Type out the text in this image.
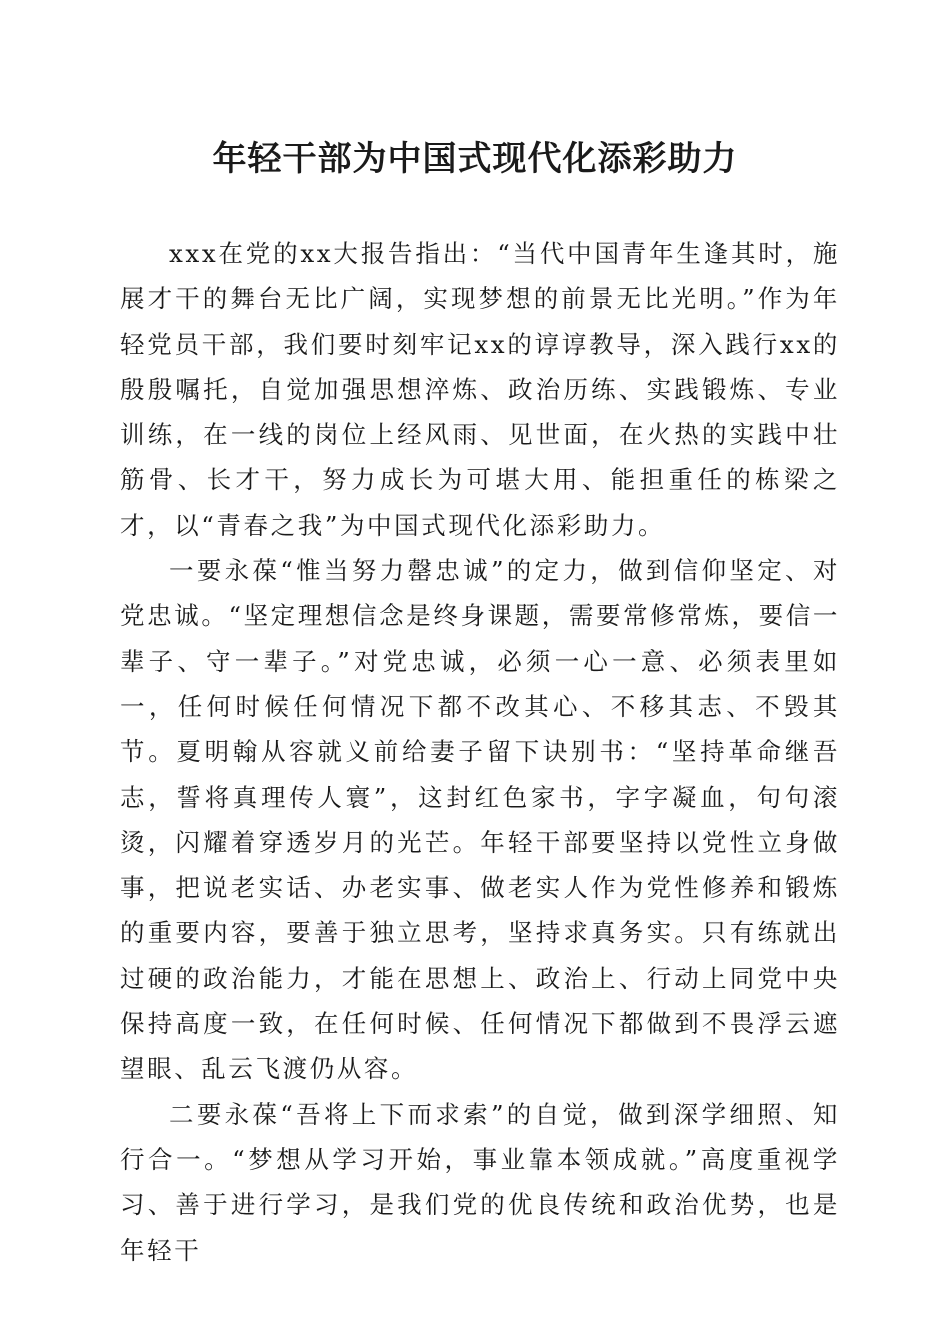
年轻干部为中国式现代化添彩助力

xxx在党的xx大报告指出：“当代中国青年生逢其时，施展才干的舞台无比广阔，实现梦想的前景无比光明。”作为年轻党员干部，我们要时刻牢记xx的谆谆教导，深入践行xx的殷殷嘱托，自觉加强思想淬炼、政治历练、实践锻炼、专业训练，在一线的岗位上经风雨、见世面，在火热的实践中壮筋骨、长才干，努力成长为可堪大用、能担重任的栋梁之才，以“青春之我”为中国式现代化添彩助力。

一要永葆“惟当努力罄忠诚”的定力，做到信仰坚定、对党忠诚。“坚定理想信念是终身课题，需要常修常炼，要信一辈子、守一辈子。”对党忠诚，必须一心一意、必须表里如一，任何时候任何情况下都不改其心、不移其志、不毁其节。夏明翰从容就义前给妻子留下诀别书：“坚持革命继吾志，誓将真理传人寰”，这封红色家书，字字凝血，句句滚烫，闪耀着穿透岁月的光芒。年轻干部要坚持以党性立身做事，把说老实话、办老实事、做老实人作为党性修养和锻炼的重要内容，要善于独立思考，坚持求真务实。只有练就出过硬的政治能力，才能在思想上、政治上、行动上同党中央保持高度一致，在任何时候、任何情况下都做到不畏浮云遮望眼、乱云飞渡仍从容。

二要永葆“吾将上下而求索”的自觉，做到深学细照、知行合一。“梦想从学习开始，事业靠本领成就。”高度重视学习、善于进行学习，是我们党的优良传统和政治优势，也是年轻干
